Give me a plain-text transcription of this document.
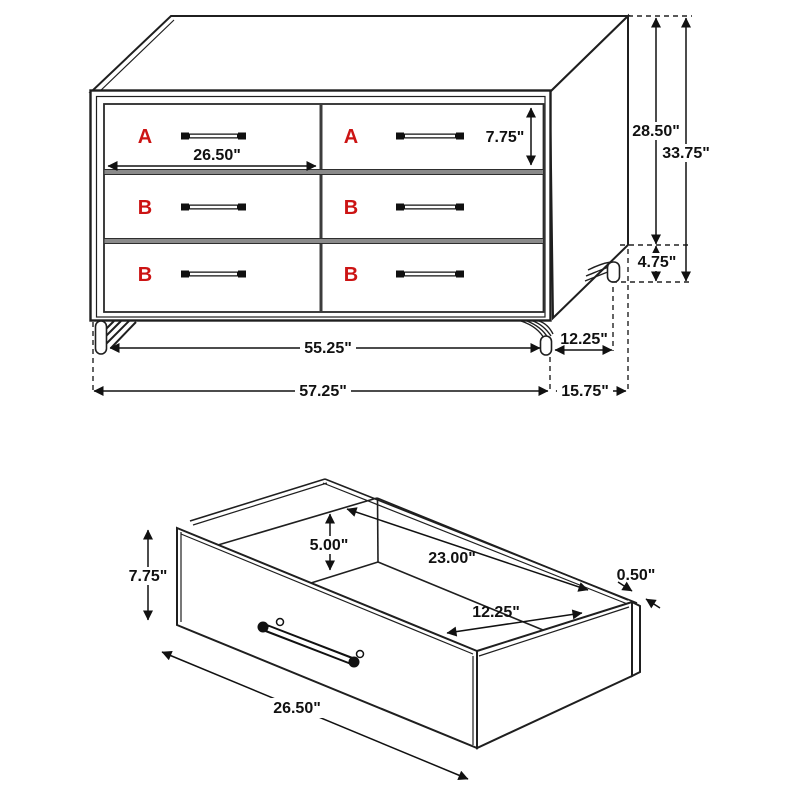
A	A
B	B
B	B
26.50"
7.75"	28.50"
33.75"
4.75"
55.25"
12.25"
57.25"	15.75"
7.75"
5.00"
23.00"
12.25"
26.50"
0.50"
